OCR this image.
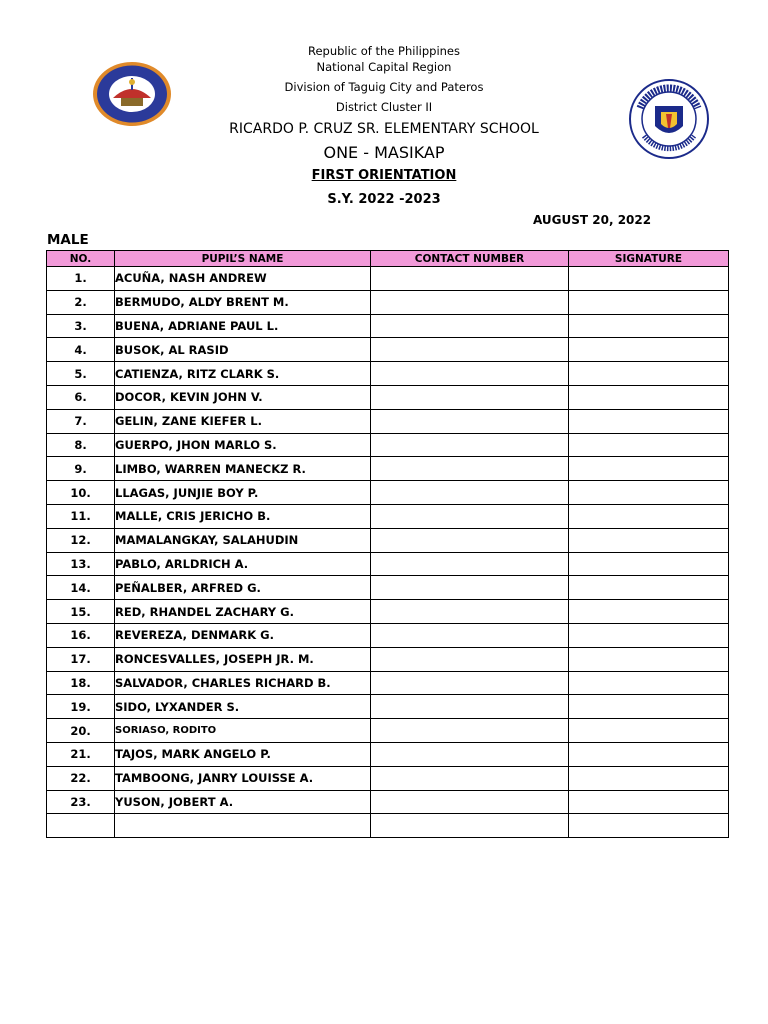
Republic of the Philippines
National Capital Region
Division of Taguig City and Pateros
District Cluster II
RICARDO P. CRUZ SR. ELEMENTARY SCHOOL
ONE - MASIKAP
FIRST ORIENTATION
S.Y. 2022 -2023
AUGUST 20, 2022
MALE
NO.	PUPIL’S NAME	CONTACT NUMBER	SIGNATURE
1.	ACUÑA, NASH ANDREW		
2.	BERMUDO, ALDY BRENT M.		
3.	BUENA, ADRIANE PAUL L.		
4.	BUSOK, AL RASID		
5.	CATIENZA, RITZ CLARK S.		
6.	DOCOR, KEVIN JOHN V.		
7.	GELIN, ZANE KIEFER L.		
8.	GUERPO, JHON MARLO S.		
9.	LIMBO, WARREN MANECKZ R.		
10.	LLAGAS, JUNJIE BOY P.		
11.	MALLE, CRIS JERICHO B.		
12.	MAMALANGKAY, SALAHUDIN		
13.	PABLO, ARLDRICH A.		
14.	PEÑALBER, ARFRED G.		
15.	RED, RHANDEL ZACHARY G.		
16.	REVEREZA, DENMARK G.		
17.	RONCESVALLES, JOSEPH JR. M.		
18.	SALVADOR, CHARLES RICHARD B.		
19.	SIDO, LYXANDER S.		
20.	SORIASO, RODITO		
21.	TAJOS, MARK ANGELO P.		
22.	TAMBOONG, JANRY LOUISSE A.		
23.	YUSON, JOBERT A.		
